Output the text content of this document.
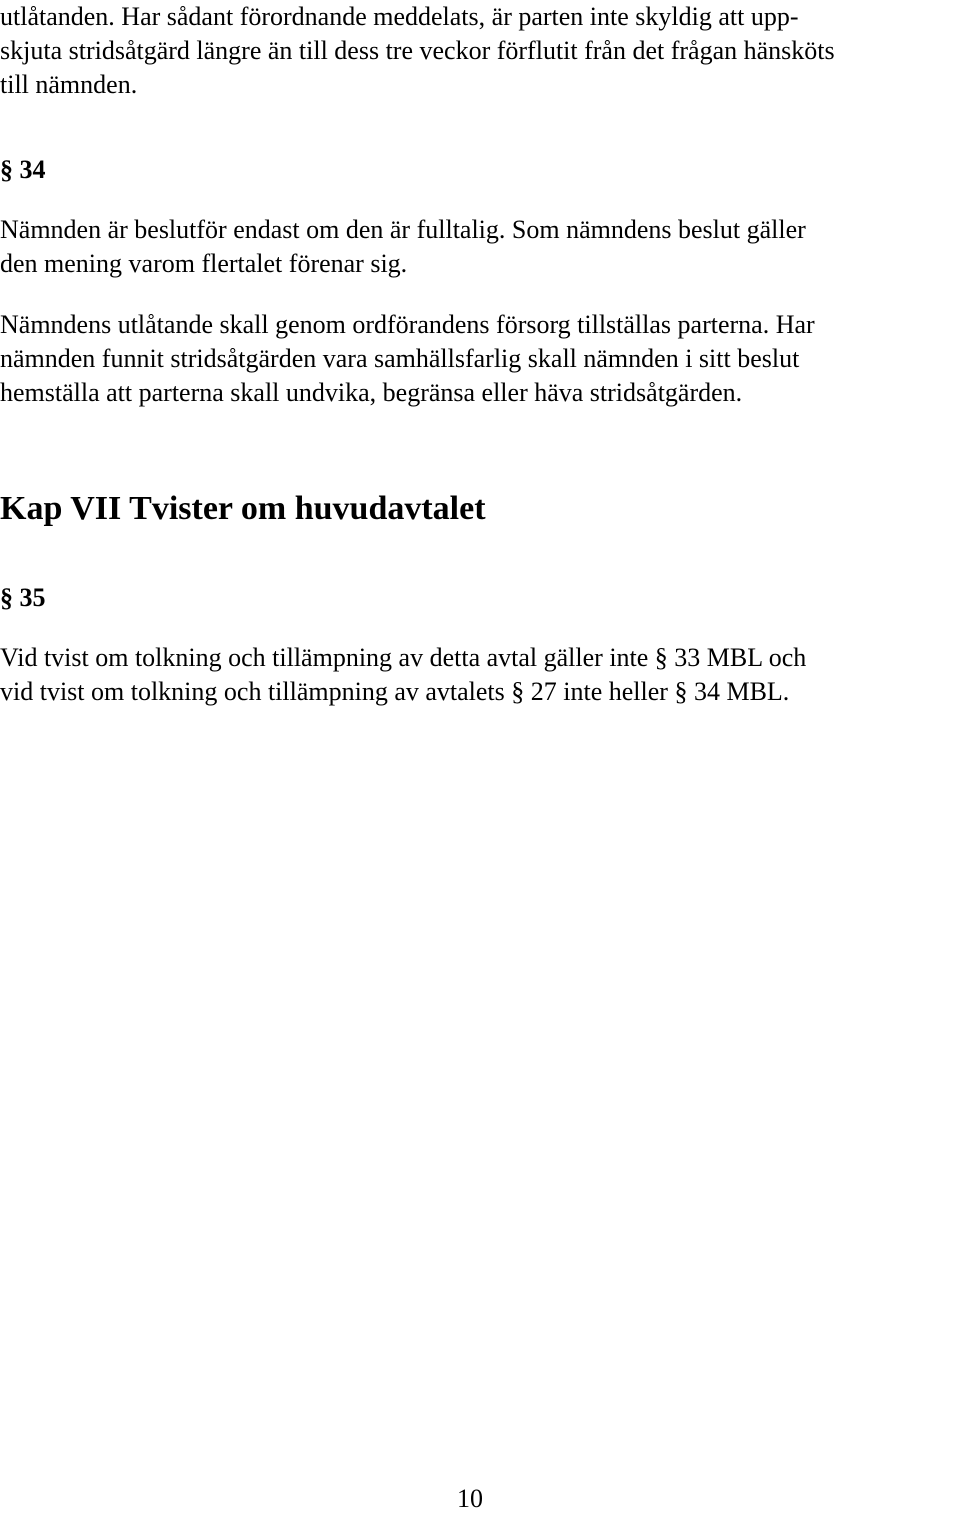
utlåtanden. Har sådant förordnande meddelats, är parten inte skyldig att upp-
skjuta stridsåtgärd längre än till dess tre veckor förflutit från det frågan hänsköts
till nämnden.
§ 34
Nämnden är beslutför endast om den är fulltalig. Som nämndens beslut gäller
den mening varom flertalet förenar sig.
Nämndens utlåtande skall genom ordförandens försorg tillställas parterna. Har
nämnden funnit stridsåtgärden vara samhällsfarlig skall nämnden i sitt beslut
hemställa att parterna skall undvika, begränsa eller häva stridsåtgärden.
Kap VII Tvister om huvudavtalet
§ 35
Vid tvist om tolkning och tillämpning av detta avtal gäller inte § 33 MBL och
vid tvist om tolkning och tillämpning av avtalets § 27 inte heller § 34 MBL.
10
